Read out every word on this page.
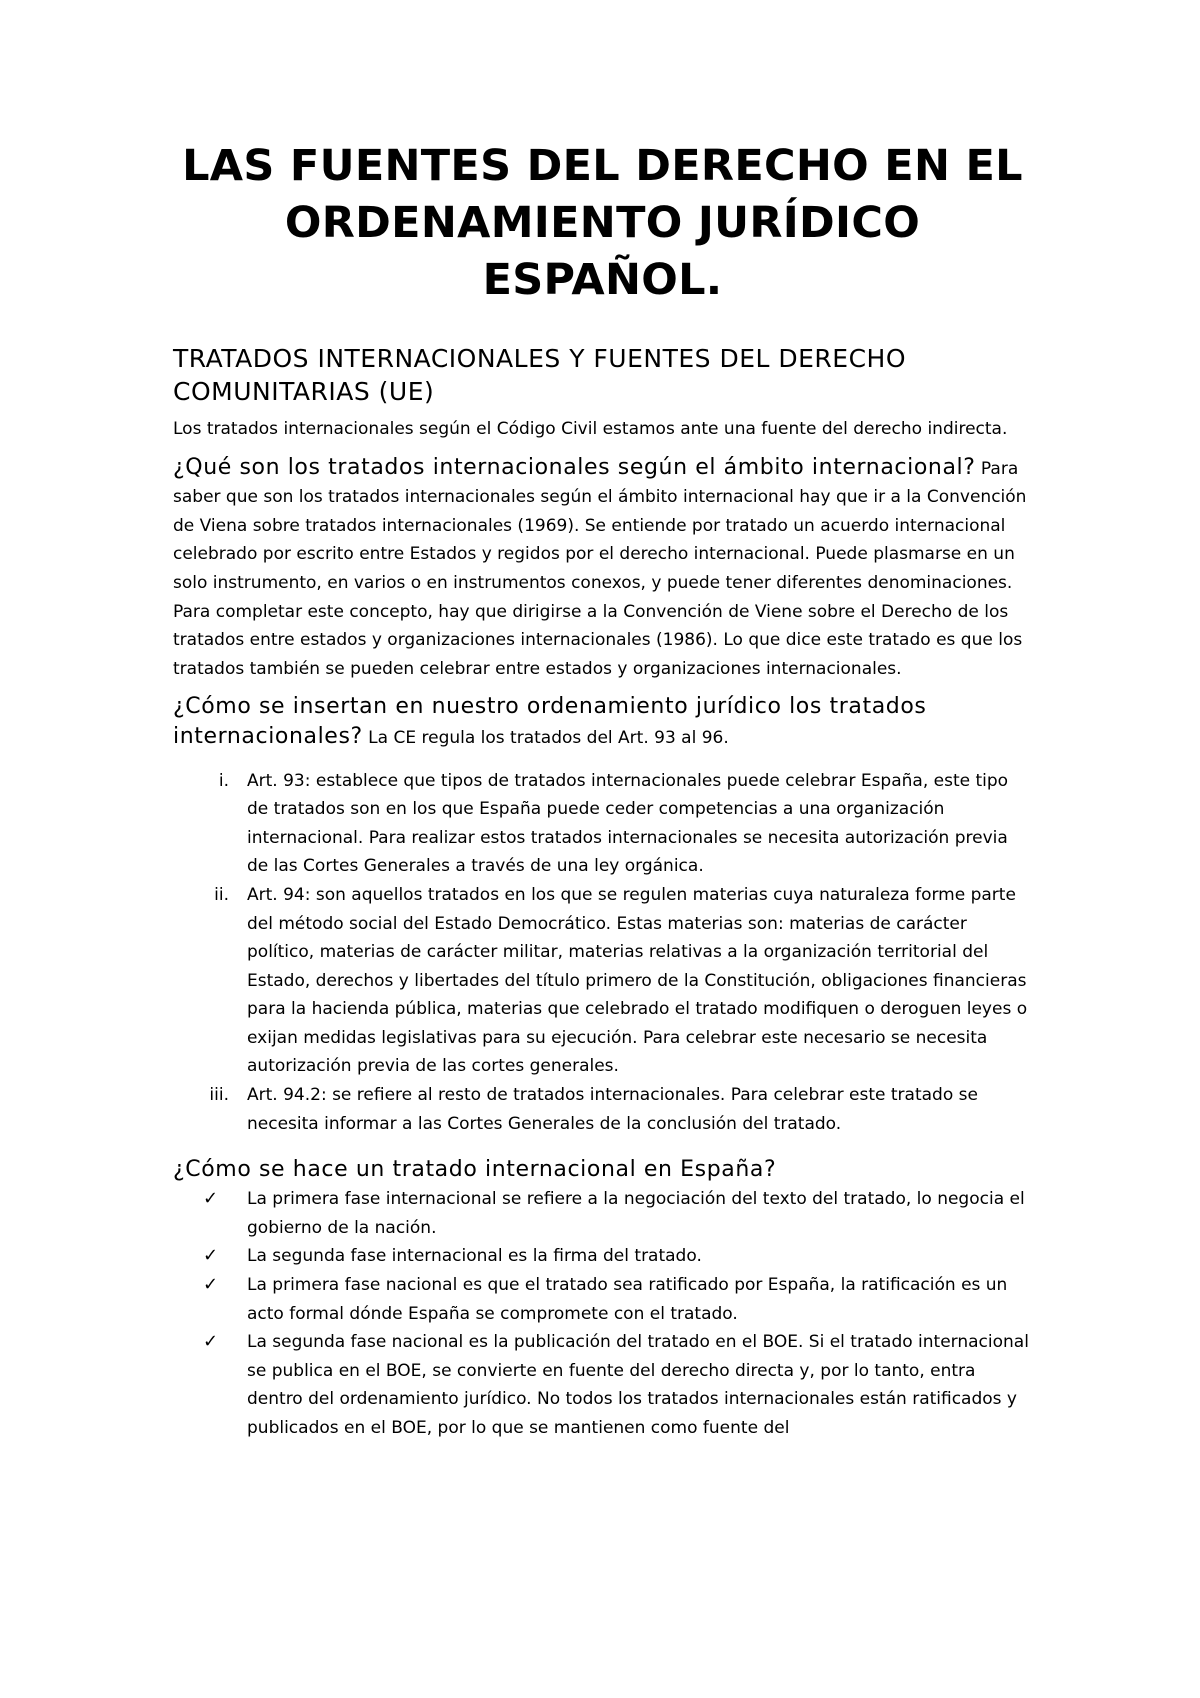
LAS FUENTES DEL DERECHO EN EL ORDENAMIENTO JURÍDICO ESPAÑOL.
TRATADOS INTERNACIONALES Y FUENTES DEL DERECHO COMUNITARIAS (UE)

Los tratados internacionales según el Código Civil estamos ante una fuente del derecho indirecta.

¿Qué son los tratados internacionales según el ámbito internacional? Para saber que son los tratados internacionales según el ámbito internacional hay que ir a la Convención de Viena sobre tratados internacionales (1969). Se entiende por tratado un acuerdo internacional celebrado por escrito entre Estados y regidos por el derecho internacional. Puede plasmarse en un solo instrumento, en varios o en instrumentos conexos, y puede tener diferentes denominaciones. Para completar este concepto, hay que dirigirse a la Convención de Viene sobre el Derecho de los tratados entre estados y organizaciones internacionales (1986). Lo que dice este tratado es que los tratados también se pueden celebrar entre estados y organizaciones internacionales.

¿Cómo se insertan en nuestro ordenamiento jurídico los tratados internacionales? La CE regula los tratados del Art. 93 al 96.

i. Art. 93: establece que tipos de tratados internacionales puede celebrar España, este tipo de tratados son en los que España puede ceder competencias a una organización internacional. Para realizar estos tratados internacionales se necesita autorización previa de las Cortes Generales a través de una ley orgánica.
ii. Art. 94: son aquellos tratados en los que se regulen materias cuya naturaleza forme parte del método social del Estado Democrático. Estas materias son: materias de carácter político, materias de carácter militar, materias relativas a la organización territorial del Estado, derechos y libertades del título primero de la Constitución, obligaciones financieras para la hacienda pública, materias que celebrado el tratado modifiquen o deroguen leyes o exijan medidas legislativas para su ejecución. Para celebrar este necesario se necesita autorización previa de las cortes generales.
iii. Art. 94.2: se refiere al resto de tratados internacionales. Para celebrar este tratado se necesita informar a las Cortes Generales de la conclusión del tratado.
¿Cómo se hace un tratado internacional en España?
✓ La primera fase internacional se refiere a la negociación del texto del tratado, lo negocia el gobierno de la nación.
✓ La segunda fase internacional es la firma del tratado.
✓ La primera fase nacional es que el tratado sea ratificado por España, la ratificación es un acto formal dónde España se compromete con el tratado.
✓ La segunda fase nacional es la publicación del tratado en el BOE. Si el tratado internacional se publica en el BOE, se convierte en fuente del derecho directa y, por lo tanto, entra dentro del ordenamiento jurídico. No todos los tratados internacionales están ratificados y publicados en el BOE, por lo que se mantienen como fuente del
